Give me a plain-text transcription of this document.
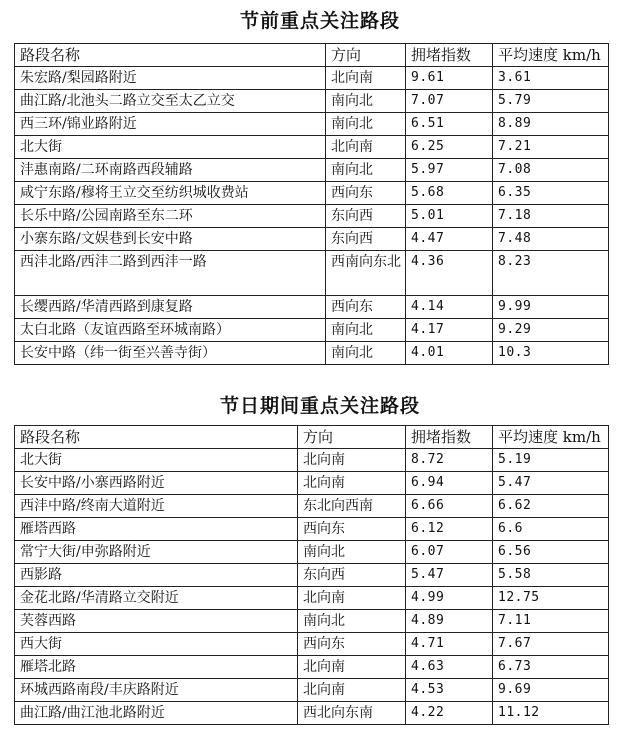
节前重点关注路段
路段名称	方向	拥堵指数	平均速度 km/h
朱宏路/梨园路附近	北向南	9.61	3.61
曲江路/北池头二路立交至太乙立交	南向北	7.07	5.79
西三环/锦业路附近	南向北	6.51	8.89
北大街	北向南	6.25	7.21
沣惠南路/二环南路西段辅路	南向北	5.97	7.08
咸宁东路/穆将王立交至纺织城收费站	西向东	5.68	6.35
长乐中路/公园南路至东二环	东向西	5.01	7.18
小寨东路/文娱巷到长安中路	东向西	4.47	7.48
西沣北路/西沣二路到西沣一路	西南向东北	4.36	8.23
长缨西路/华清西路到康复路	西向东	4.14	9.99
太白北路（友谊西路至环城南路）	南向北	4.17	9.29
长安中路（纬一街至兴善寺街）	南向北	4.01	10.3
节日期间重点关注路段
路段名称	方向	拥堵指数	平均速度 km/h
北大街	北向南	8.72	5.19
长安中路/小寨西路附近	北向南	6.94	5.47
西沣中路/终南大道附近	东北向西南	6.66	6.62
雁塔西路	西向东	6.12	6.6
常宁大街/申弥路附近	南向北	6.07	6.56
西影路	东向西	5.47	5.58
金花北路/华清路立交附近	北向南	4.99	12.75
芙蓉西路	南向北	4.89	7.11
西大街	西向东	4.71	7.67
雁塔北路	北向南	4.63	6.73
环城西路南段/丰庆路附近	北向南	4.53	9.69
曲江路/曲江池北路附近	西北向东南	4.22	11.12
